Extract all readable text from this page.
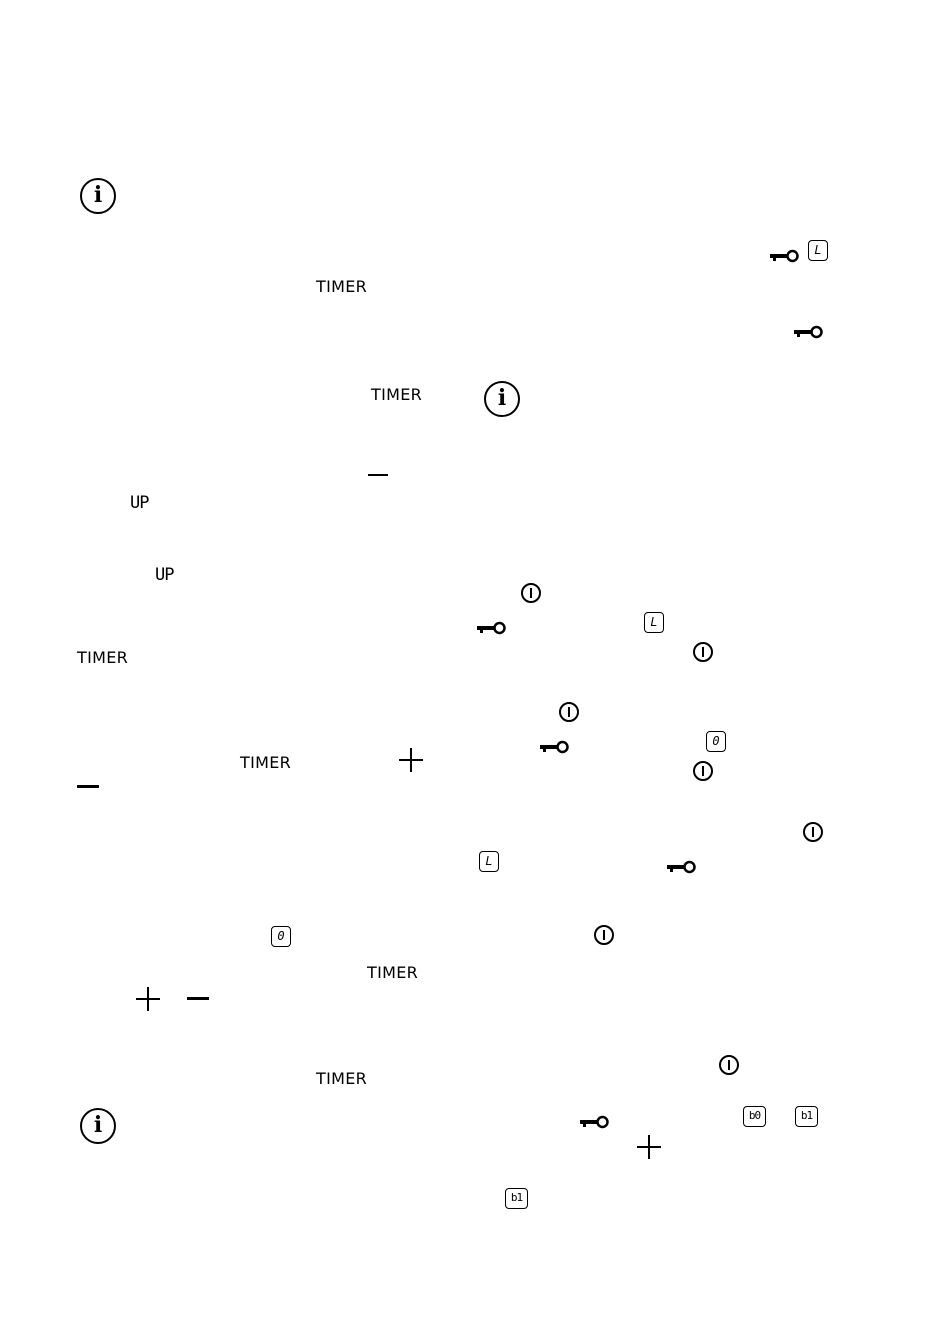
i
TIMER
TIMER
UP
UP
TIMER
TIMER
0
TIMER
TIMER
i
L
i
L
0
L
b0	b1
b1
